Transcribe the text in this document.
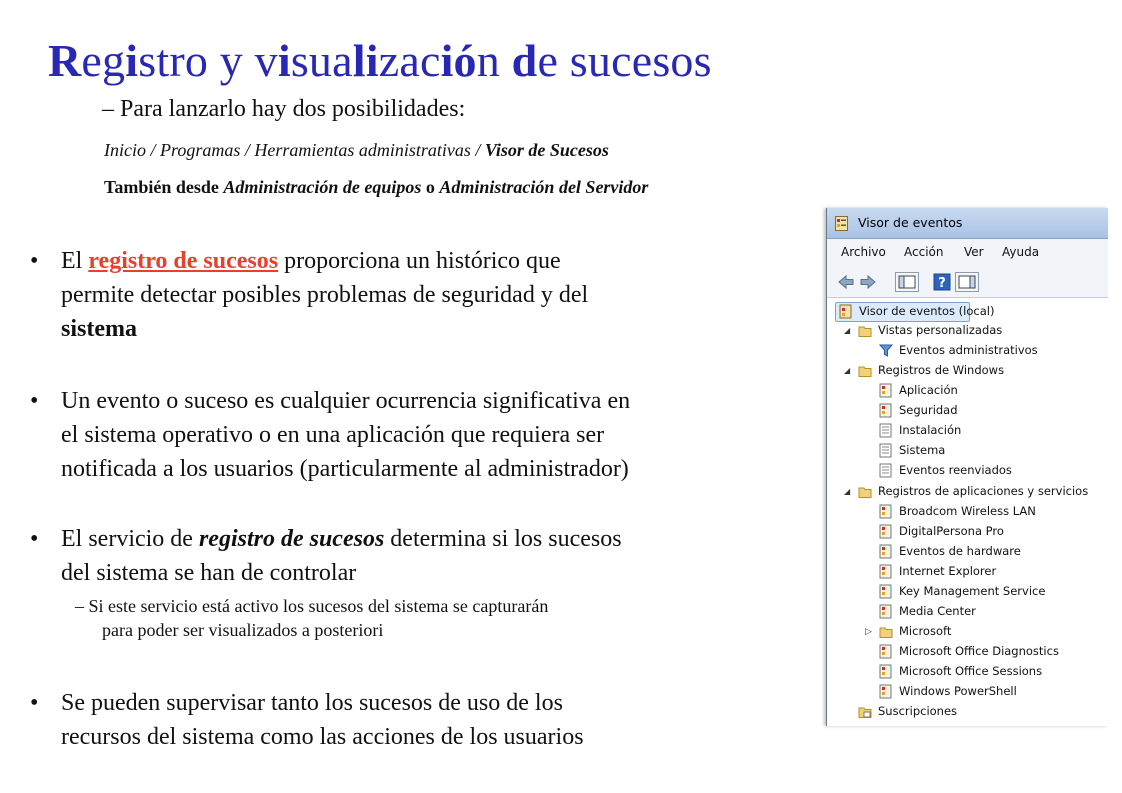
Registro y visualización de sucesos
– Para lanzarlo hay dos posibilidades:
Inicio / Programas / Herramientas administrativas / Visor de Sucesos
También desde Administración de equipos o Administración del Servidor
• El registro de sucesos proporciona un histórico que
permite detectar posibles problemas de seguridad y del
sistema
• Un evento o suceso es cualquier ocurrencia significativa en
el sistema operativo o en una aplicación que requiera ser
notificada a los usuarios (particularmente al administrador)
• El servicio de registro de sucesos determina si los sucesos
del sistema se han de controlar
– Si este servicio está activo los sucesos del sistema se capturarán
para poder ser visualizados a posteriori
• Se pueden supervisar tanto los sucesos de uso de los
recursos del sistema como las acciones de los usuarios
Visor de eventos
Archivo Acción Ver Ayuda
?
Visor de eventos (local)
◢ Vistas personalizadas
Eventos administrativos
◢ Registros de Windows
Aplicación
Seguridad
Instalación
Sistema
Eventos reenviados
◢ Registros de aplicaciones y servicios
Broadcom Wireless LAN
DigitalPersona Pro
Eventos de hardware
Internet Explorer
Key Management Service
Media Center
▷ Microsoft
Microsoft Office Diagnostics
Microsoft Office Sessions
Windows PowerShell
Suscripciones
